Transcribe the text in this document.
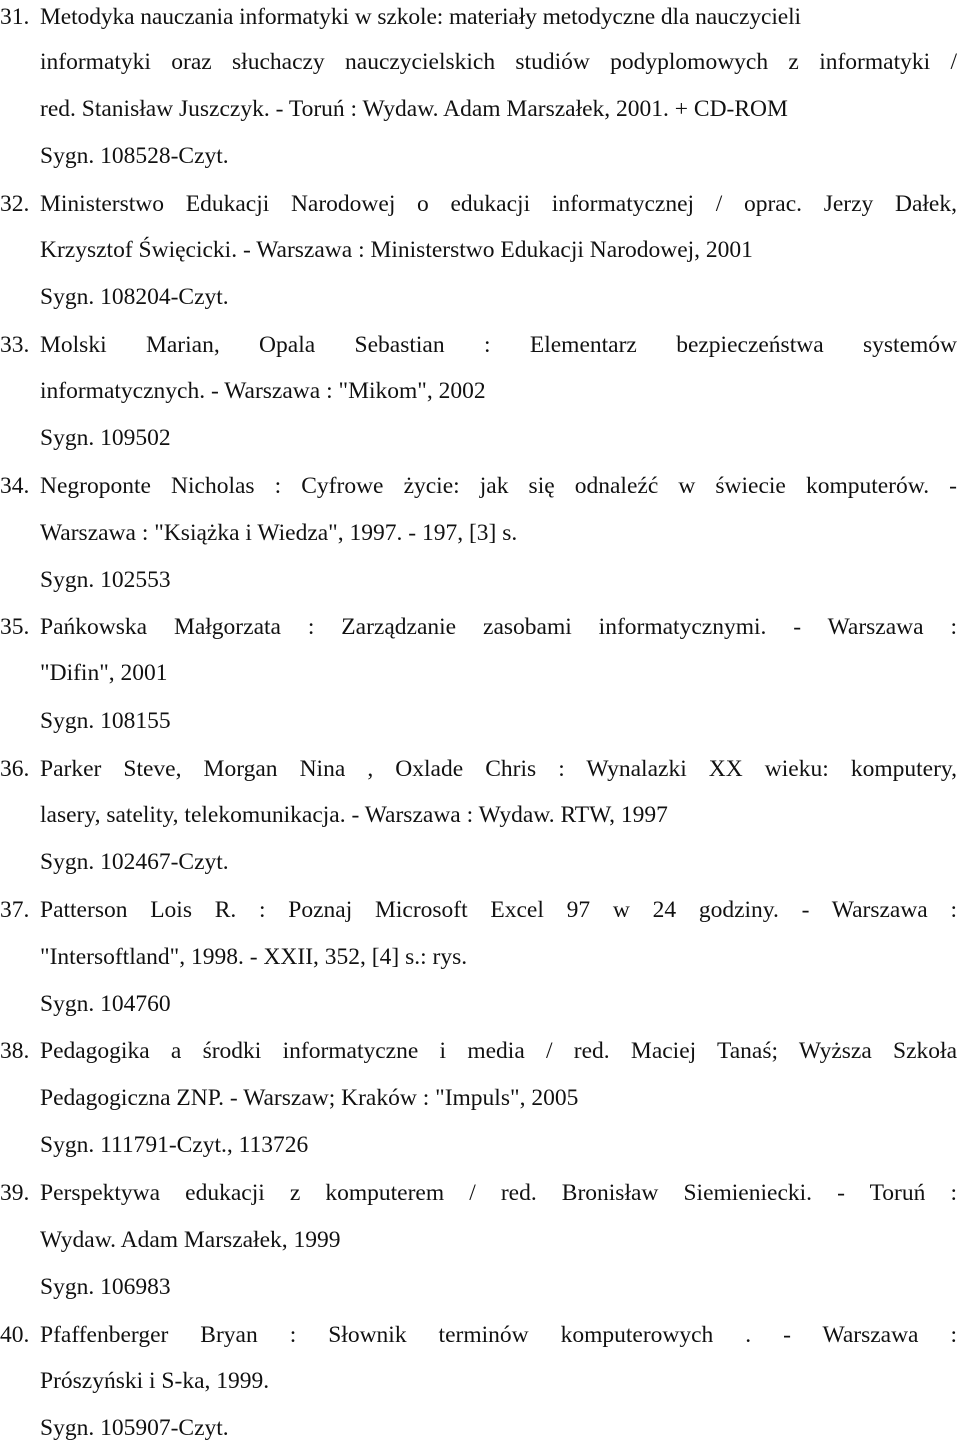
31. Metodyka nauczania informatyki w szkole: materiały metodyczne dla nauczycieli
informatyki oraz słuchaczy nauczycielskich studiów podyplomowych z informatyki /
red. Stanisław Juszczyk. - Toruń : Wydaw. Adam Marszałek, 2001. + CD-ROM
Sygn. 108528-Czyt.
32. Ministerstwo Edukacji Narodowej o edukacji informatycznej / oprac. Jerzy Dałek,
Krzysztof Święcicki. - Warszawa : Ministerstwo Edukacji Narodowej, 2001
Sygn. 108204-Czyt.
33. Molski Marian, Opala Sebastian : Elementarz bezpieczeństwa systemów
informatycznych. - Warszawa : "Mikom", 2002
Sygn. 109502
34. Negroponte Nicholas : Cyfrowe życie: jak się odnaleźć w świecie komputerów. -
Warszawa : "Książka i Wiedza", 1997. - 197, [3] s.
Sygn. 102553
35. Pańkowska Małgorzata : Zarządzanie zasobami informatycznymi. - Warszawa :
"Difin", 2001
Sygn. 108155
36. Parker Steve, Morgan Nina , Oxlade Chris : Wynalazki XX wieku: komputery,
lasery, satelity, telekomunikacja. - Warszawa : Wydaw. RTW, 1997
Sygn. 102467-Czyt.
37. Patterson Lois R. : Poznaj Microsoft Excel 97 w 24 godziny. - Warszawa :
"Intersoftland", 1998. - XXII, 352, [4] s.: rys.
Sygn. 104760
38. Pedagogika a środki informatyczne i media / red. Maciej Tanaś; Wyższa Szkoła
Pedagogiczna ZNP. - Warszaw; Kraków : "Impuls", 2005
Sygn. 111791-Czyt., 113726
39. Perspektywa edukacji z komputerem / red. Bronisław Siemieniecki. - Toruń :
Wydaw. Adam Marszałek, 1999
Sygn. 106983
40. Pfaffenberger Bryan : Słownik terminów komputerowych . - Warszawa :
Prószyński i S-ka, 1999.
Sygn. 105907-Czyt.
